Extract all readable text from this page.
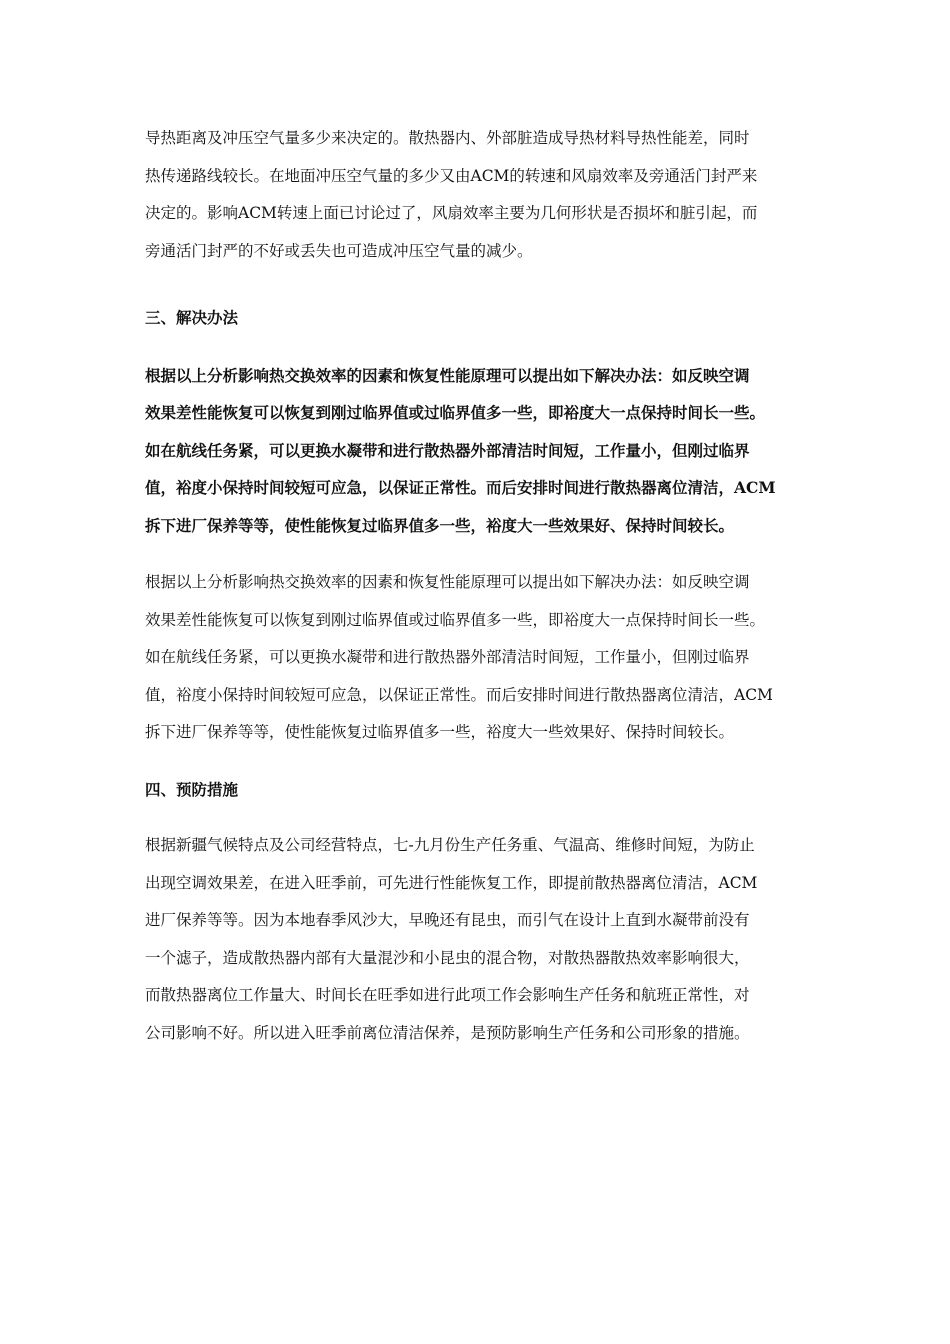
导热距离及冲压空气量多少来决定的。散热器内、外部脏造成导热材料导热性能差，同时
热传递路线较长。在地面冲压空气量的多少又由ACM的转速和风扇效率及旁通活门封严来
决定的。影响ACM转速上面已讨论过了，风扇效率主要为几何形状是否损坏和脏引起，而
旁通活门封严的不好或丢失也可造成冲压空气量的减少。

三、解决办法

根据以上分析影响热交换效率的因素和恢复性能原理可以提出如下解决办法：如反映空调
效果差性能恢复可以恢复到刚过临界值或过临界值多一些，即裕度大一点保持时间长一些。
如在航线任务紧，可以更换水凝带和进行散热器外部清洁时间短，工作量小，但刚过临界
值，裕度小保持时间较短可应急，以保证正常性。而后安排时间进行散热器离位清洁，ACM
拆下进厂保养等等，使性能恢复过临界值多一些，裕度大一些效果好、保持时间较长。

根据以上分析影响热交换效率的因素和恢复性能原理可以提出如下解决办法：如反映空调
效果差性能恢复可以恢复到刚过临界值或过临界值多一些，即裕度大一点保持时间长一些。
如在航线任务紧，可以更换水凝带和进行散热器外部清洁时间短，工作量小，但刚过临界
值，裕度小保持时间较短可应急，以保证正常性。而后安排时间进行散热器离位清洁，ACM
拆下进厂保养等等，使性能恢复过临界值多一些，裕度大一些效果好、保持时间较长。

四、预防措施

根据新疆气候特点及公司经营特点，七-九月份生产任务重、气温高、维修时间短，为防止
出现空调效果差，在进入旺季前，可先进行性能恢复工作，即提前散热器离位清洁，ACM
进厂保养等等。因为本地春季风沙大，早晚还有昆虫，而引气在设计上直到水凝带前没有
一个滤子，造成散热器内部有大量混沙和小昆虫的混合物，对散热器散热效率影响很大，
而散热器离位工作量大、时间长在旺季如进行此项工作会影响生产任务和航班正常性，对
公司影响不好。所以进入旺季前离位清洁保养，是预防影响生产任务和公司形象的措施。
